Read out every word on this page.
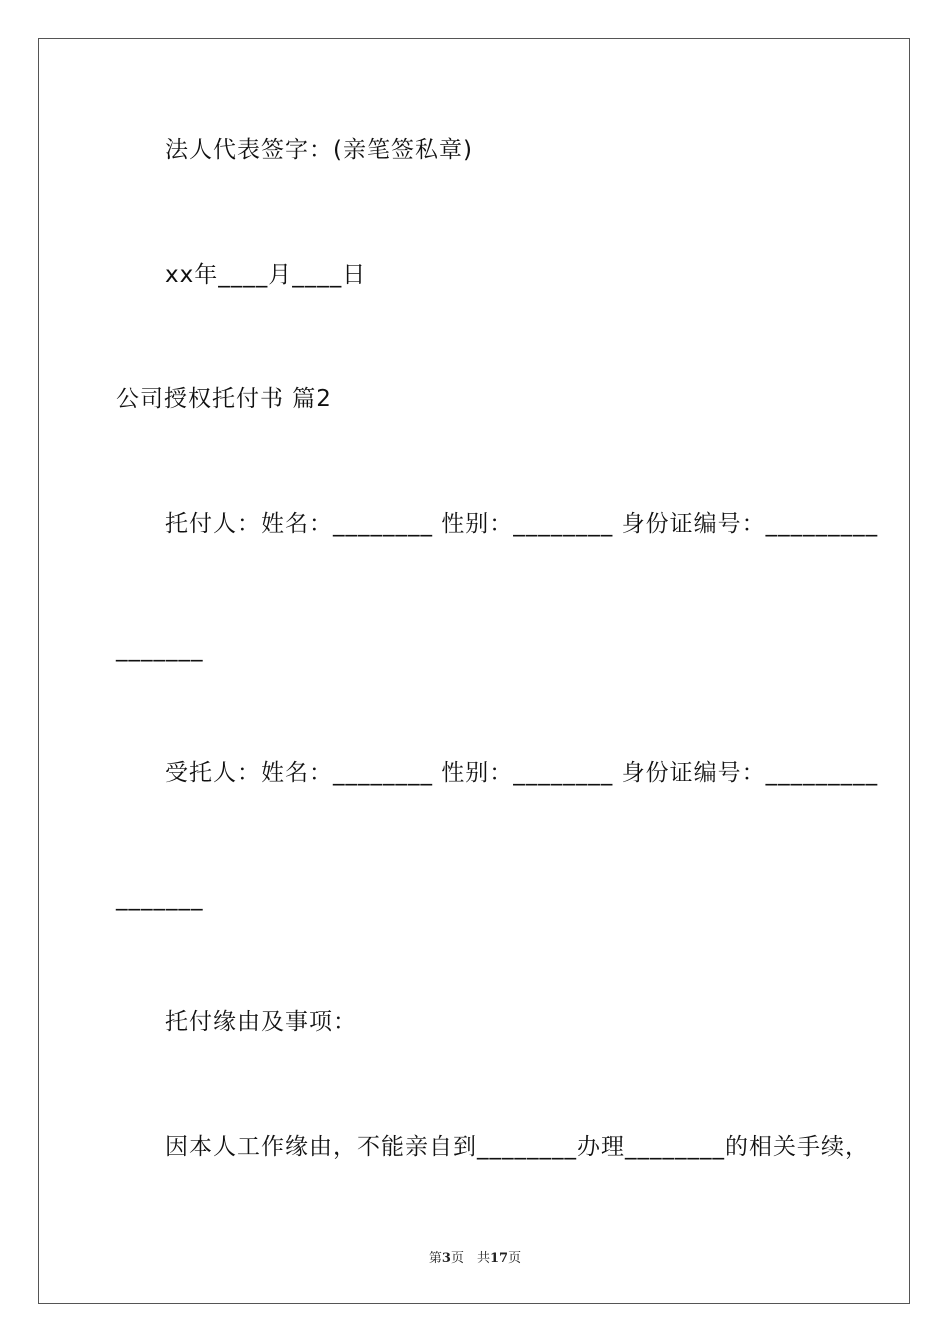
法人代表签字：(亲笔签私章)
xx年____月____日
公司授权托付书 篇2
托付人：姓名：________ 性别：________ 身份证编号：_________
_______
受托人：姓名：________ 性别：________ 身份证编号：_________
_______
托付缘由及事项：
因本人工作缘由，不能亲自到________办理________的相关手续，
第3页　共17页
